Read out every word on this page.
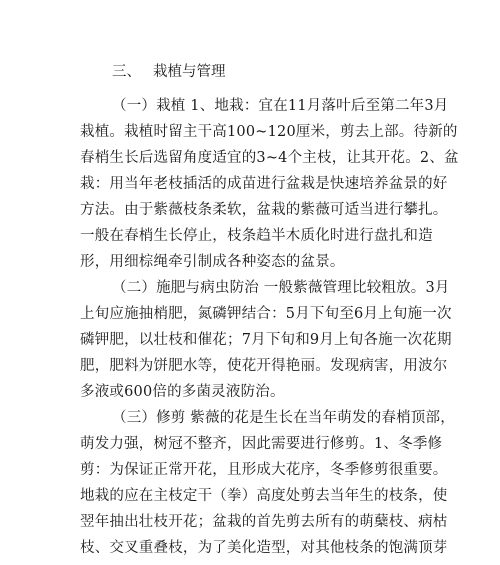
三、 栽植与管理
（一）栽植 1、地栽：宜在11月落叶后至第二年3月
栽植。栽植时留主干高100~120厘米，剪去上部。待新的
春梢生长后选留角度适宜的3~4个主枝，让其开花。2、盆
栽：用当年老枝插活的成苗进行盆栽是快速培养盆景的好
方法。由于紫薇枝条柔软，盆栽的紫薇可适当进行攀扎。
一般在春梢生长停止，枝条趋半木质化时进行盘扎和造
形，用细棕绳牵引制成各种姿态的盆景。
（二）施肥与病虫防治 一般紫薇管理比较粗放。3月
上旬应施抽梢肥，氮磷钾结合：5月下旬至6月上旬施一次
磷钾肥，以壮枝和催花；7月下旬和9月上旬各施一次花期
肥，肥料为饼肥水等，使花开得艳丽。发现病害，用波尔
多液或600倍的多菌灵液防治。
（三）修剪 紫薇的花是生长在当年萌发的春梢顶部，
萌发力强，树冠不整齐，因此需要进行修剪。1、冬季修
剪：为保证正常开花，且形成大花序，冬季修剪很重要。
地栽的应在主枝定干（拳）高度处剪去当年生的枝条，使
翌年抽出壮枝开花；盆栽的首先剪去所有的萌蘖枝、病枯
枝、交叉重叠枝，为了美化造型，对其他枝条的饱满顶芽
